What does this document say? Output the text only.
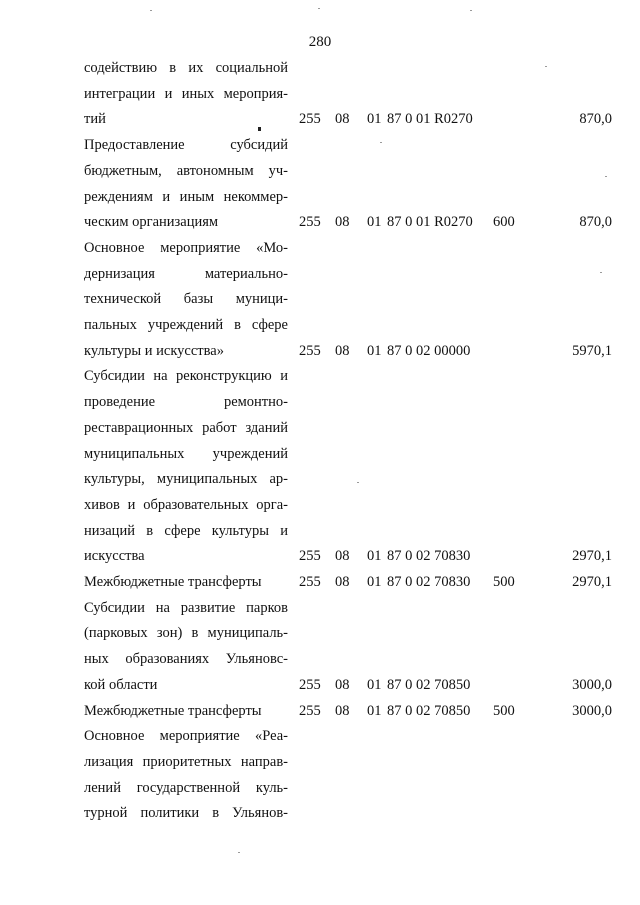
280
содействию в их социальной
интеграции и иных мероприя-
тий	255 08 01 87 0 01 R0270	870,0
Предоставление субсидий
бюджетным, автономным уч-
реждениям и иным некоммер-
ческим организациям	255 08 01 87 0 01 R0270 600	870,0
Основное мероприятие «Мо-
дернизация материально-
технической базы муници-
пальных учреждений в сфере
культуры и искусства»	255 08 01 87 0 02 00000	5970,1
Субсидии на реконструкцию и
проведение ремонтно-
реставрационных работ зданий
муниципальных учреждений
культуры, муниципальных ар-
хивов и образовательных орга-
низаций в сфере культуры и
искусства	255 08 01 87 0 02 70830	2970,1
Межбюджетные трансферты	255 08 01 87 0 02 70830 500	2970,1
Субсидии на развитие парков
(парковых зон) в муниципаль-
ных образованиях Ульяновс-
кой области	255 08 01 87 0 02 70850	3000,0
Межбюджетные трансферты	255 08 01 87 0 02 70850 500	3000,0
Основное мероприятие «Реа-
лизация приоритетных направ-
лений государственной куль-
турной политики в Ульянов-
